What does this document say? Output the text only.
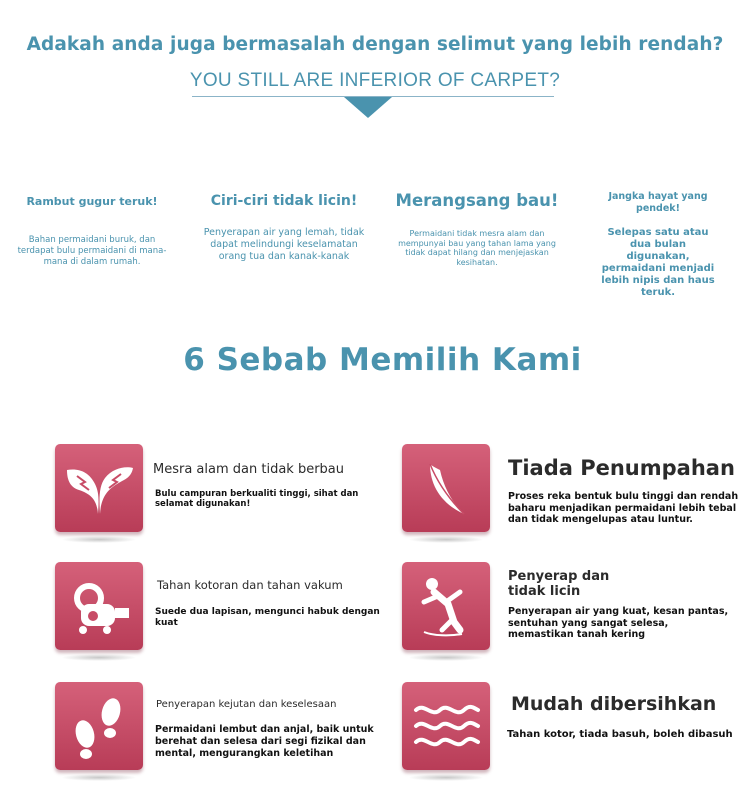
Adakah anda juga bermasalah dengan selimut yang lebih rendah?
YOU STILL ARE INFERIOR OF CARPET?
Rambut gugur teruk!
Bahan permaidani buruk, dan terdapat bulu permaidani di mana-mana di dalam rumah.
Ciri-ciri tidak licin!
Penyerapan air yang lemah, tidak dapat melindungi keselamatan orang tua dan kanak-kanak
Merangsang bau!
Permaidani tidak mesra alam dan mempunyai bau yang tahan lama yang tidak dapat hilang dan menjejaskan kesihatan.
Jangka hayat yang pendek!
Selepas satu atau dua bulan digunakan, permaidani menjadi lebih nipis dan haus teruk.
6 Sebab Memilih Kami
Mesra alam dan tidak berbau
Bulu campuran berkualiti tinggi, sihat dan selamat digunakan!
Tiada Penumpahan
Proses reka bentuk bulu tinggi dan rendah baharu menjadikan permaidani lebih tebal dan tidak mengelupas atau luntur.
Tahan kotoran dan tahan vakum
Suede dua lapisan, mengunci habuk dengan kuat
Penyerap dan tidak licin
Penyerapan air yang kuat, kesan pantas, sentuhan yang sangat selesa, memastikan tanah kering
Penyerapan kejutan dan keselesaan
Permaidani lembut dan anjal, baik untuk berehat dan selesa dari segi fizikal dan mental, mengurangkan keletihan
Mudah dibersihkan
Tahan kotor, tiada basuh, boleh dibasuh
